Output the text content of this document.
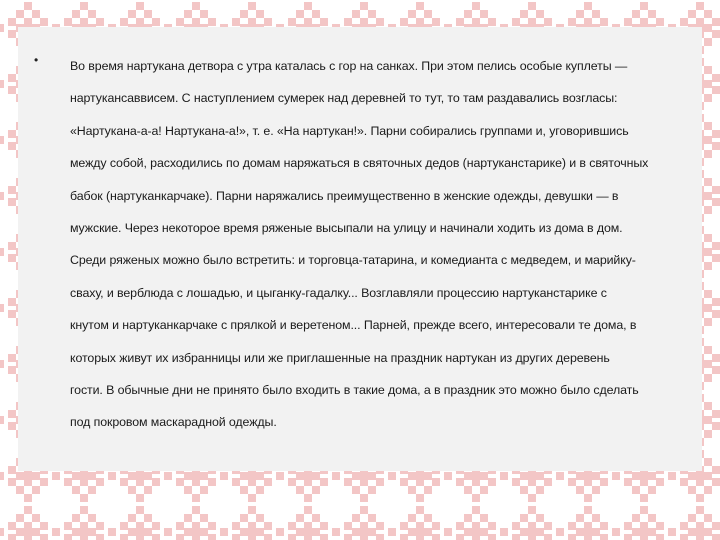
•	Во время нартукана детвора с утра каталась с гор на санках. При этом пелись особые куплеты —
нартукансаввисем. С наступлением сумерек над деревней то тут, то там раздавались возгласы:
«Нартукана-а-а! Нартукана-а!», т. е. «На нартукан!». Парни собирались группами и, уговорившись
между собой, расходились по домам наряжаться в святочных дедов (нартуканстарике) и в святочных
бабок (нартуканкарчаке). Парни наряжались преимущественно в женские одежды, девушки — в
мужские. Через некоторое время ряженые высыпали на улицу и начинали ходить из дома в дом.
Среди ряженых можно было встретить: и торговца-татарина, и комедианта с медведем, и марийку-
сваху, и верблюда с лошадью, и цыганку-гадалку... Возглавляли процессию нартуканстарике с
кнутом и нартуканкарчаке с прялкой и веретеном... Парней, прежде всего, интересовали те дома, в
которых живут их избранницы или же приглашенные на праздник нартукан из других деревень
гости. В обычные дни не принято было входить в такие дома, а в праздник это можно было сделать
под покровом маскарадной одежды.
